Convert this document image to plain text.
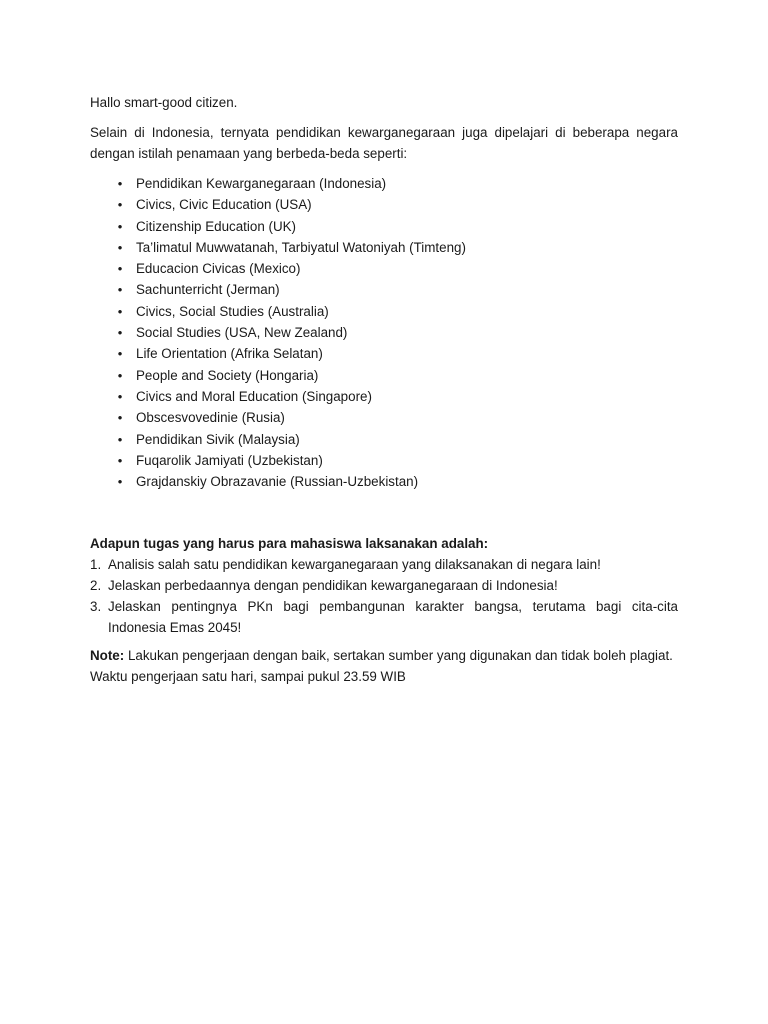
Hallo smart-good citizen.

Selain di Indonesia, ternyata pendidikan kewarganegaraan juga dipelajari di beberapa negara dengan istilah penamaan yang berbeda-beda seperti:

• Pendidikan Kewarganegaraan (Indonesia)
• Civics, Civic Education (USA)
• Citizenship Education (UK)
• Ta’limatul Muwwatanah, Tarbiyatul Watoniyah (Timteng)
• Educacion Civicas (Mexico)
• Sachunterricht (Jerman)
• Civics, Social Studies (Australia)
• Social Studies (USA, New Zealand)
• Life Orientation (Afrika Selatan)
• People and Society (Hongaria)
• Civics and Moral Education (Singapore)
• Obscesvovedinie (Rusia)
• Pendidikan Sivik (Malaysia)
• Fuqarolik Jamiyati (Uzbekistan)
• Grajdanskiy Obrazavanie (Russian-Uzbekistan)

Adapun tugas yang harus para mahasiswa laksanakan adalah:

1. Analisis salah satu pendidikan kewarganegaraan yang dilaksanakan di negara lain!
2. Jelaskan perbedaannya dengan pendidikan kewarganegaraan di Indonesia!
3. Jelaskan pentingnya PKn bagi pembangunan karakter bangsa, terutama bagi cita-cita Indonesia Emas 2045!

Note: Lakukan pengerjaan dengan baik, sertakan sumber yang digunakan dan tidak boleh plagiat. Waktu pengerjaan satu hari, sampai pukul 23.59 WIB
